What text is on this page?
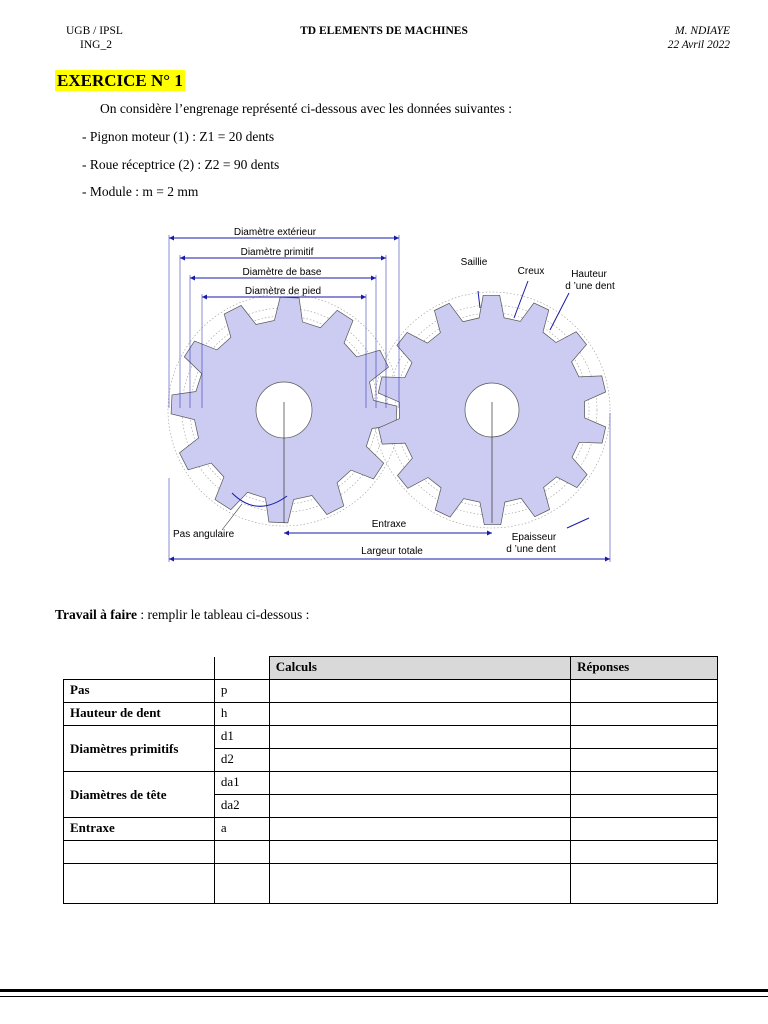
UGB / IPSL
ING_2
TD ELEMENTS DE MACHINES	M. NDIAYE
22 Avril 2022
EXERCICE N° 1
On considère l’engrenage représenté ci-dessous avec les données suivantes :
- Pignon moteur (1) : Z1 = 20 dents
- Roue réceptrice (2) : Z2 = 90 dents
- Module : m = 2 mm
Diamètre extérieur
Diamètre primitif
Diamètre de base
Diamètre de pied
Saillie
Creux	Hauteur
d ’une dent
Pas angulaire
Entraxe
Largeur totale
Epaisseur
d ’une dent
Travail à faire : remplir le tableau ci-dessous :
		Calculs	Réponses
Pas	p		
Hauteur de dent	h		
Diamètres primitifs	d1		
	d2		
Diamètres de tête	da1		
	da2		
Entraxe	a		
